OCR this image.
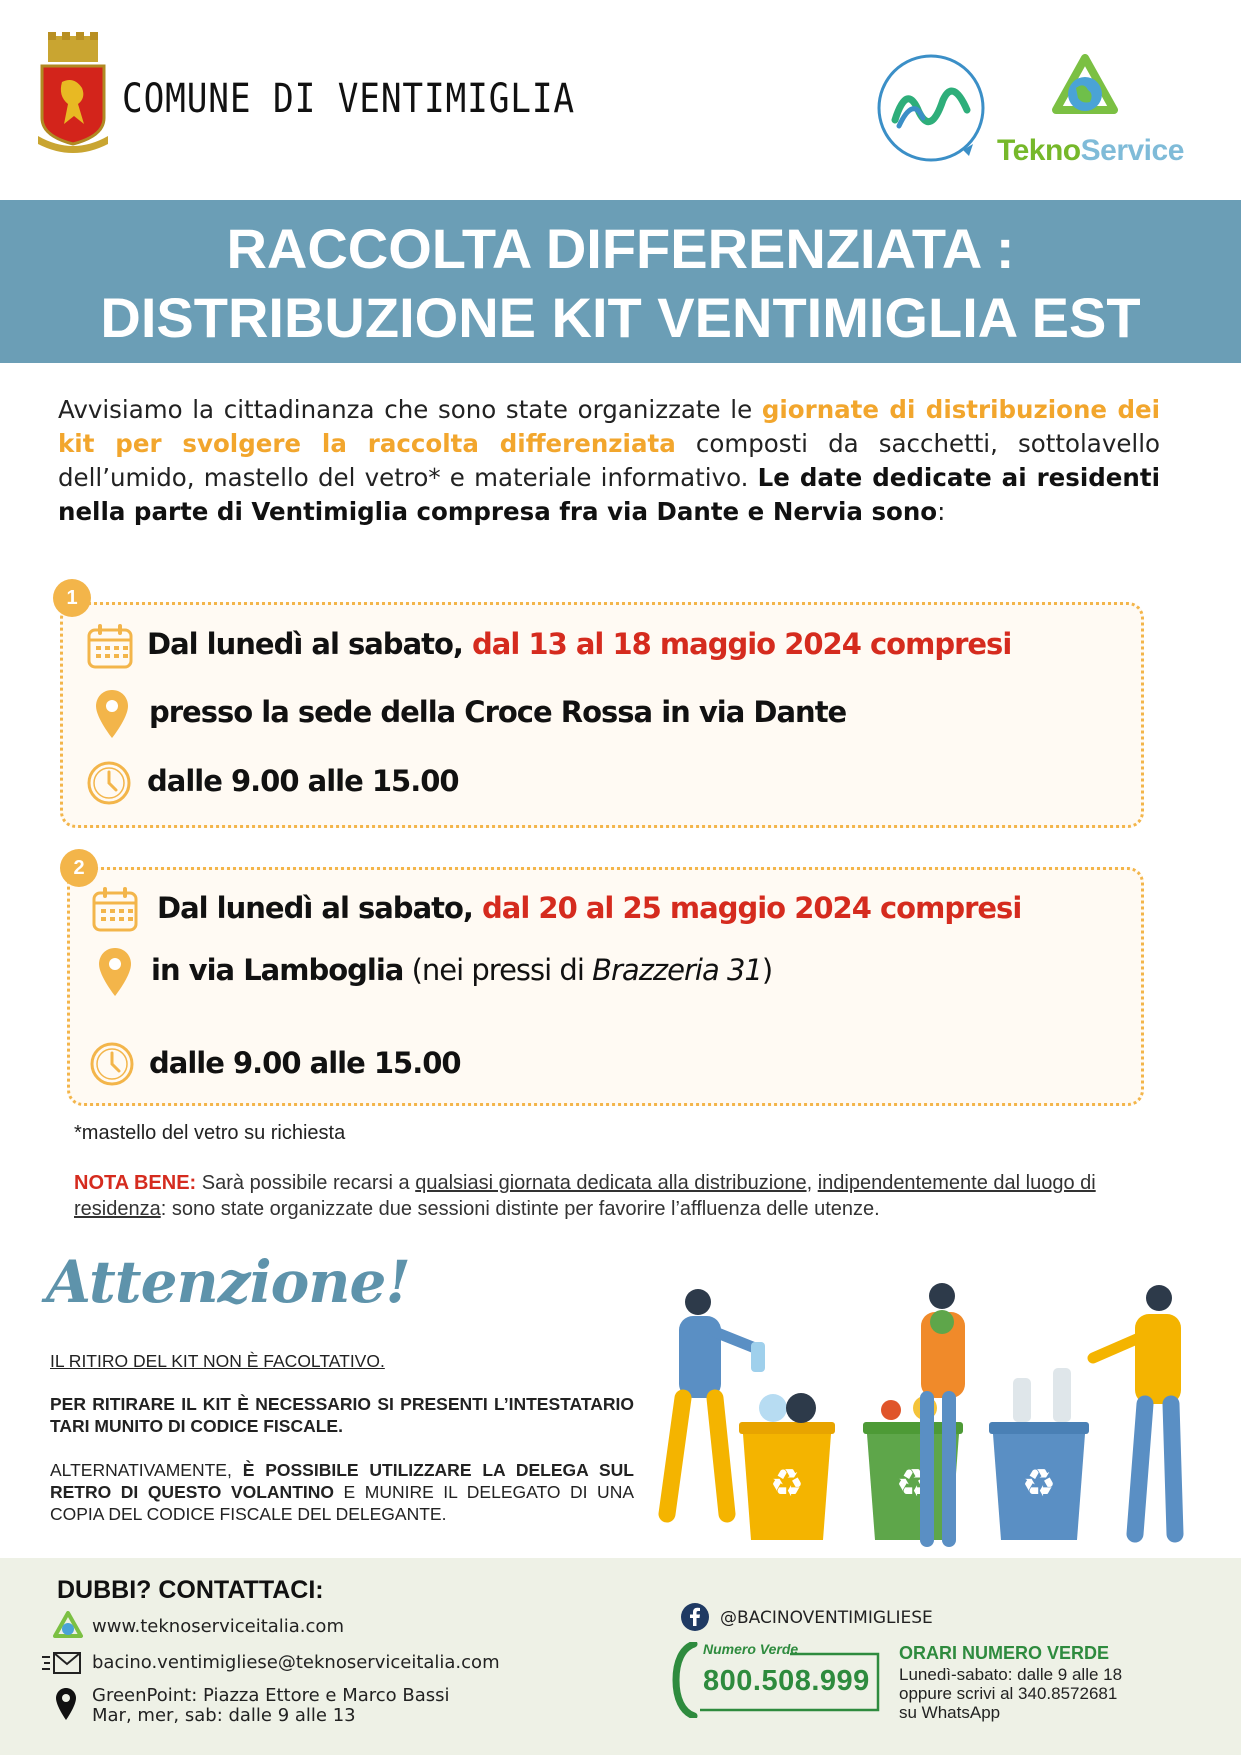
COMUNE DI VENTIMIGLIA
TeknoService
RACCOLTA DIFFERENZIATA :
DISTRIBUZIONE KIT VENTIMIGLIA EST
Avvisiamo la cittadinanza che sono state organizzate le giornate di distribuzione dei kit per svolgere la raccolta differenziata composti da sacchetti, sottolavello dell’umido, mastello del vetro* e materiale informativo. Le date dedicate ai residenti nella parte di Ventimiglia compresa fra via Dante e Nervia sono:
1
Dal lunedì al sabato, dal 13 al 18 maggio 2024 compresi
presso la sede della Croce Rossa in via Dante
dalle 9.00 alle 15.00
2
Dal lunedì al sabato, dal 20 al 25 maggio 2024 compresi
in via Lamboglia (nei pressi di Brazzeria 31)
dalle 9.00 alle 15.00
*mastello del vetro su richiesta
NOTA BENE: Sarà possibile recarsi a qualsiasi giornata dedicata alla distribuzione, indipendentemente dal luogo di residenza: sono state organizzate due sessioni distinte per favorire l’affluenza delle utenze.
Attenzione!
IL RITIRO DEL KIT NON È FACOLTATIVO.
PER RITIRARE IL KIT È NECESSARIO SI PRESENTI L’INTESTATARIO TARI MUNITO DI CODICE FISCALE.
ALTERNATIVAMENTE, È POSSIBILE UTILIZZARE LA DELEGA SUL RETRO DI QUESTO VOLANTINO E MUNIRE IL DELEGATO DI UNA COPIA DEL CODICE FISCALE DEL DELEGANTE.
♻ ♻ ♻
DUBBI? CONTATTACI:
www.teknoserviceitalia.com
bacino.ventimigliese@teknoserviceitalia.com
GreenPoint: Piazza Ettore e Marco Bassi
Mar, mer, sab: dalle 9 alle 13
@BACINOVENTIMIGLIESE
Numero Verde
800.508.999
ORARI NUMERO VERDE
Lunedì-sabato: dalle 9 alle 18
oppure scrivi al 340.8572681
su WhatsApp
